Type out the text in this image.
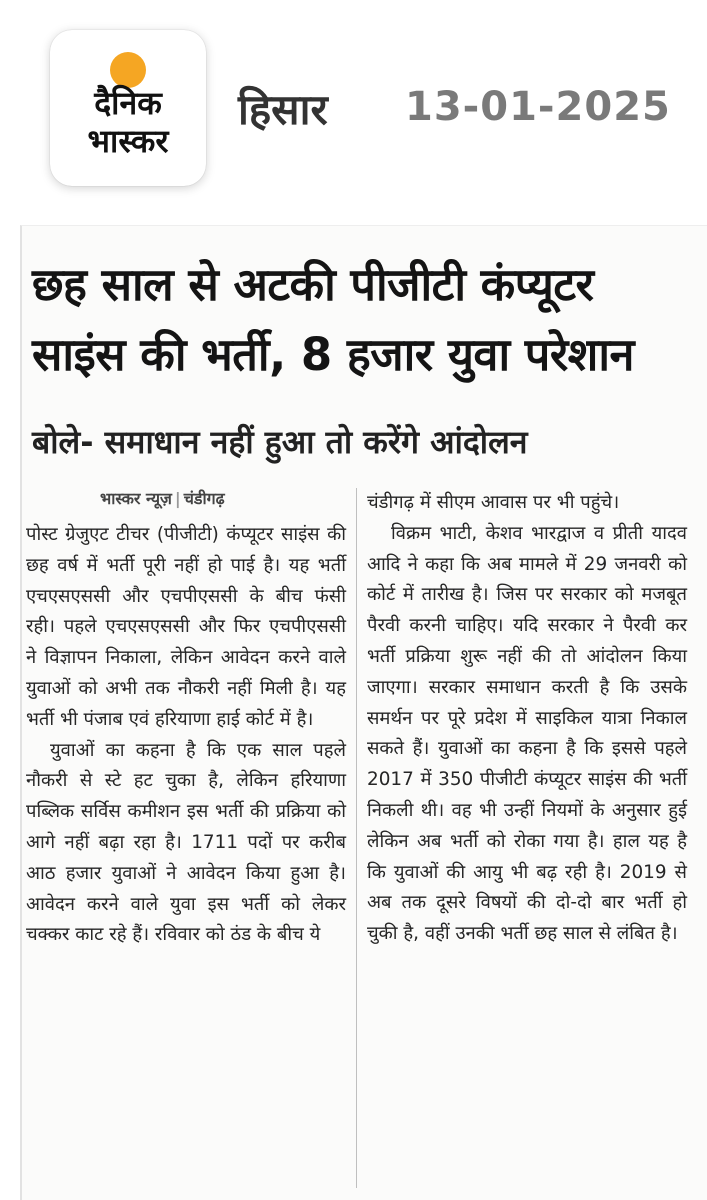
दैनिक
भास्कर
हिसार 13-01-2025
छह साल से अटकी पीजीटी कंप्यूटर साइंस की भर्ती, 8 हजार युवा परेशान
बोले- समाधान नहीं हुआ तो करेंगे आंदोलन
भास्कर न्यूज़ | चंडीगढ़
पोस्ट ग्रेजुएट टीचर (पीजीटी) कंप्यूटर साइंस की छह वर्ष में भर्ती पूरी नहीं हो पाई है। यह भर्ती एचएसएससी और एचपीएससी के बीच फंसी रही। पहले एचएसएससी और फिर एचपीएससी ने विज्ञापन निकाला, लेकिन आवेदन करने वाले युवाओं को अभी तक नौकरी नहीं मिली है। यह भर्ती भी पंजाब एवं हरियाणा हाई कोर्ट में है।
युवाओं का कहना है कि एक साल पहले नौकरी से स्टे हट चुका है, लेकिन हरियाणा पब्लिक सर्विस कमीशन इस भर्ती की प्रक्रिया को आगे नहीं बढ़ा रहा है। 1711 पदों पर करीब आठ हजार युवाओं ने आवेदन किया हुआ है। आवेदन करने वाले युवा इस भर्ती को लेकर चक्कर काट रहे हैं। रविवार को ठंड के बीच ये
चंडीगढ़ में सीएम आवास पर भी पहुंचे।
विक्रम भाटी, केशव भारद्वाज व प्रीती यादव आदि ने कहा कि अब मामले में 29 जनवरी को कोर्ट में तारीख है। जिस पर सरकार को मजबूत पैरवी करनी चाहिए। यदि सरकार ने पैरवी कर भर्ती प्रक्रिया शुरू नहीं की तो आंदोलन किया जाएगा। सरकार समाधान करती है कि उसके समर्थन पर पूरे प्रदेश में साइकिल यात्रा निकाल सकते हैं। युवाओं का कहना है कि इससे पहले 2017 में 350 पीजीटी कंप्यूटर साइंस की भर्ती निकली थी। वह भी उन्हीं नियमों के अनुसार हुई लेकिन अब भर्ती को रोका गया है। हाल यह है कि युवाओं की आयु भी बढ़ रही है। 2019 से अब तक दूसरे विषयों की दो-दो बार भर्ती हो चुकी है, वहीं उनकी भर्ती छह साल से लंबित है।
